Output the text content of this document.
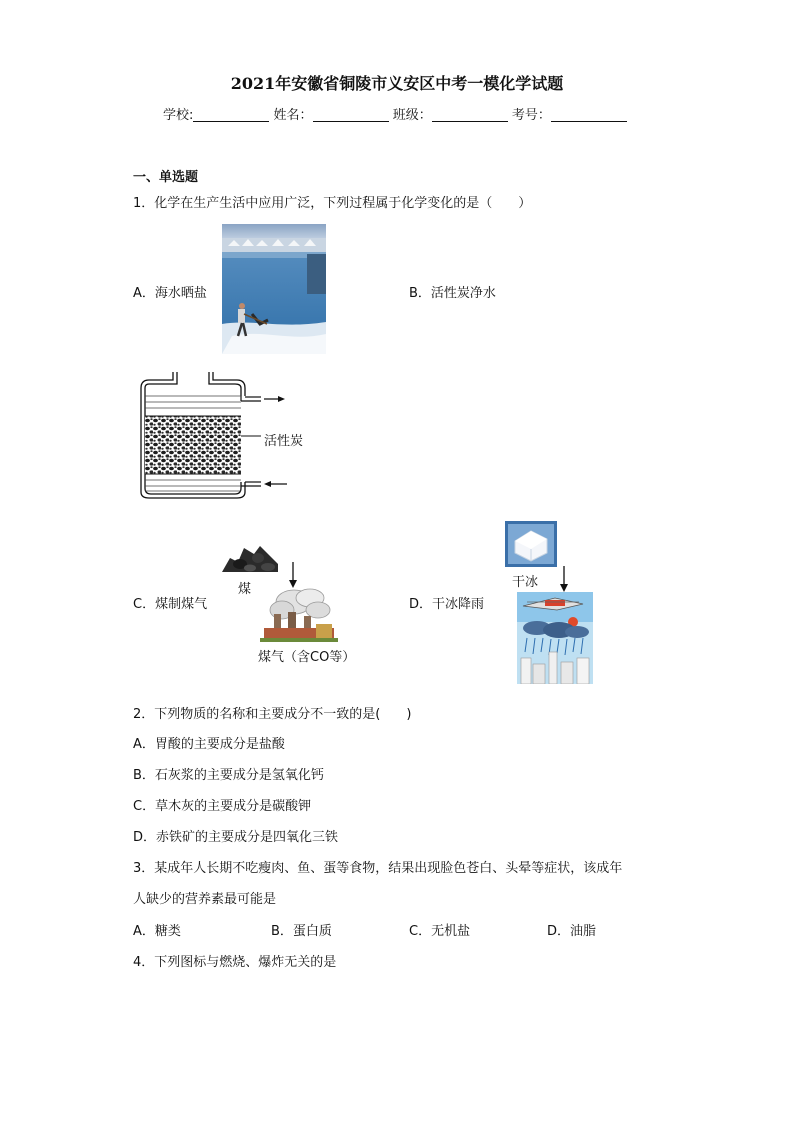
2021年安徽省铜陵市义安区中考一模化学试题
学校:	姓名：	班级：	考号：
一、单选题
1．化学在生产生活中应用广泛，下列过程属于化学变化的是（　　）
A．海水晒盐	B．活性炭净水
活性炭
C．煤制煤气
煤
煤气（含CO等）
D．干冰降雨
干冰
2．下列物质的名称和主要成分不一致的是(　　)
A．胃酸的主要成分是盐酸
B．石灰浆的主要成分是氢氧化钙
C．草木灰的主要成分是碳酸钾
D．赤铁矿的主要成分是四氧化三铁
3．某成年人长期不吃瘦肉、鱼、蛋等食物，结果出现脸色苍白、头晕等症状，该成年
人缺少的营养素最可能是
A．糖类	B．蛋白质	C．无机盐	D．油脂
4．下列图标与燃烧、爆炸无关的是
